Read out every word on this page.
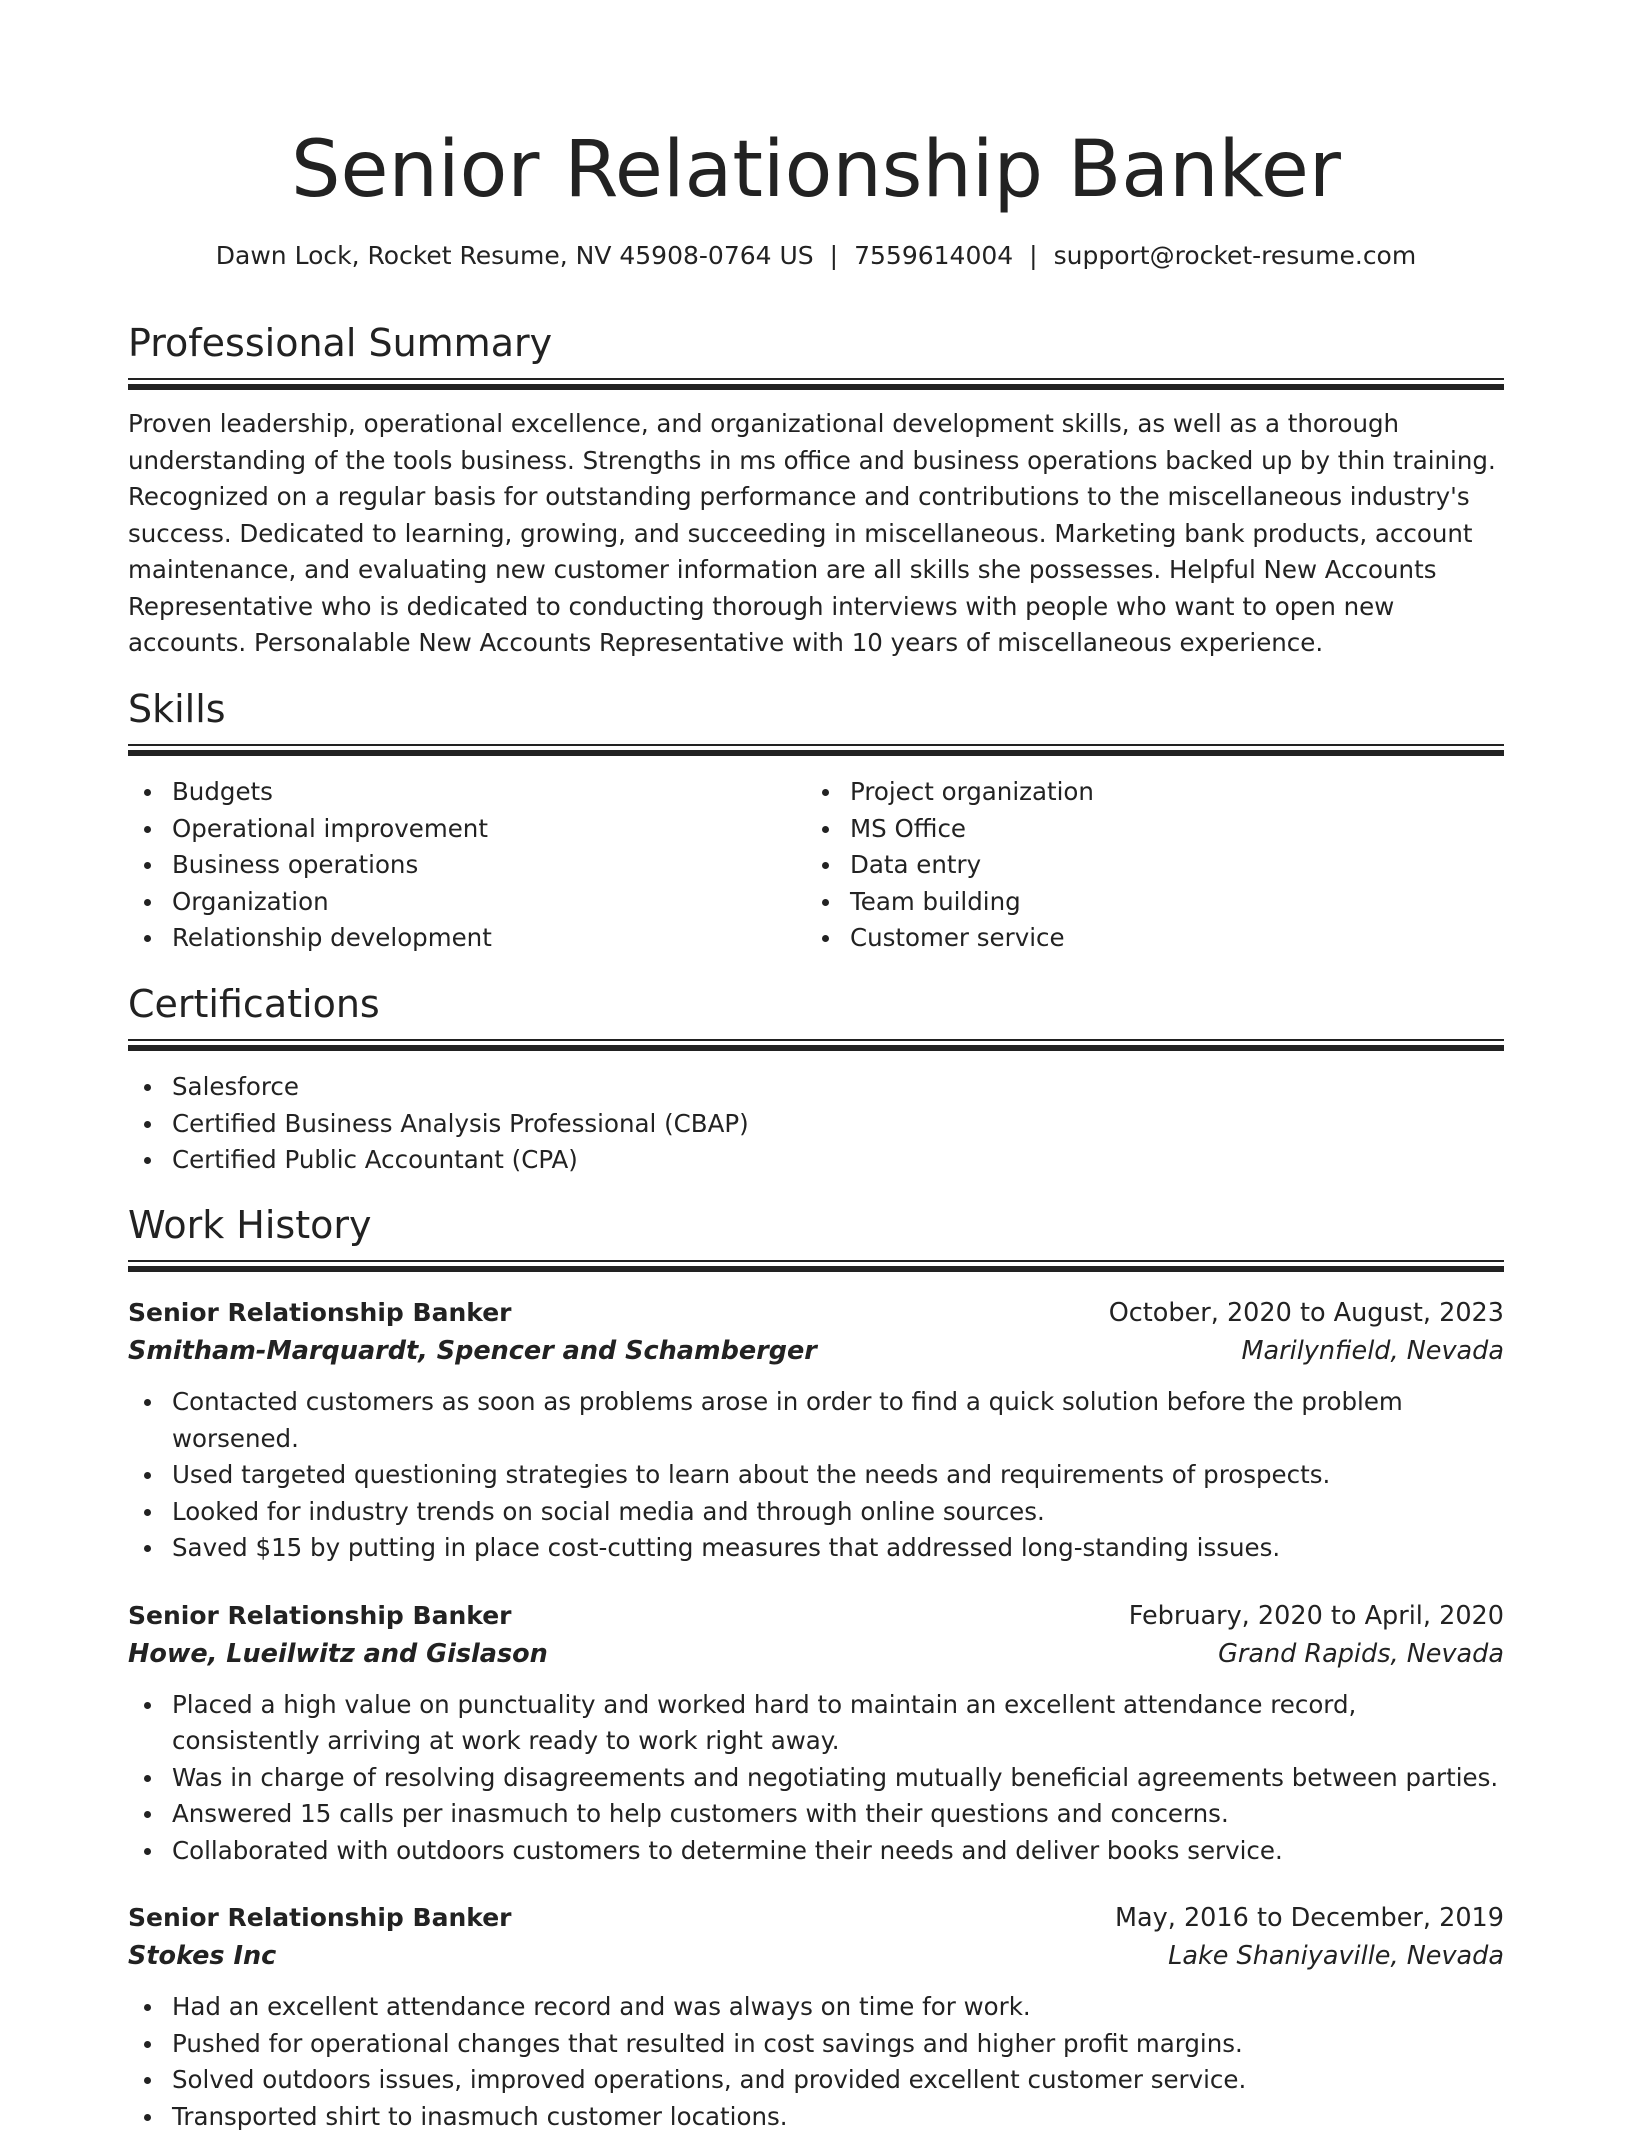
Senior Relationship Banker
Dawn Lock, Rocket Resume, NV 45908-0764 US | 7559614004 | support@rocket-resume.com
Professional Summary
Proven leadership, operational excellence, and organizational development skills, as well as a thorough understanding of the tools business. Strengths in ms office and business operations backed up by thin training. Recognized on a regular basis for outstanding performance and contributions to the miscellaneous industry's success. Dedicated to learning, growing, and succeeding in miscellaneous. Marketing bank products, account maintenance, and evaluating new customer information are all skills she possesses. Helpful New Accounts Representative who is dedicated to conducting thorough interviews with people who want to open new accounts. Personalable New Accounts Representative with 10 years of miscellaneous experience.
Skills
Budgets
Operational improvement
Business operations
Organization
Relationship development
Project organization
MS Office
Data entry
Team building
Customer service
Certifications
Salesforce
Certified Business Analysis Professional (CBAP)
Certified Public Accountant (CPA)
Work History
Senior Relationship Banker	October, 2020 to August, 2023
Smitham-Marquardt, Spencer and Schamberger	Marilynfield, Nevada
Contacted customers as soon as problems arose in order to find a quick solution before the problem worsened.
Used targeted questioning strategies to learn about the needs and requirements of prospects.
Looked for industry trends on social media and through online sources.
Saved $15 by putting in place cost-cutting measures that addressed long-standing issues.
Senior Relationship Banker	February, 2020 to April, 2020
Howe, Lueilwitz and Gislason	Grand Rapids, Nevada
Placed a high value on punctuality and worked hard to maintain an excellent attendance record, consistently arriving at work ready to work right away.
Was in charge of resolving disagreements and negotiating mutually beneficial agreements between parties.
Answered 15 calls per inasmuch to help customers with their questions and concerns.
Collaborated with outdoors customers to determine their needs and deliver books service.
Senior Relationship Banker	May, 2016 to December, 2019
Stokes Inc	Lake Shaniyaville, Nevada
Had an excellent attendance record and was always on time for work.
Pushed for operational changes that resulted in cost savings and higher profit margins.
Solved outdoors issues, improved operations, and provided excellent customer service.
Transported shirt to inasmuch customer locations.
